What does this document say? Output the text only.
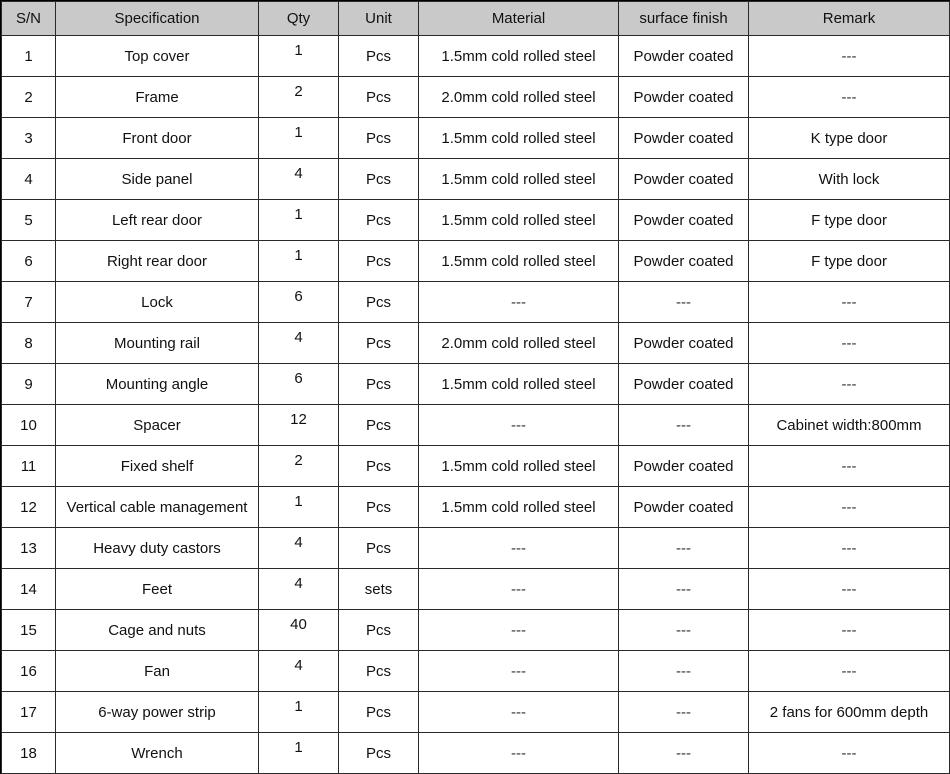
S/N	Specification	Qty	Unit	Material	surface finish	Remark
1	Top cover	1	Pcs	1.5mm cold rolled steel	Powder coated	---
2	Frame	2	Pcs	2.0mm cold rolled steel	Powder coated	---
3	Front door	1	Pcs	1.5mm cold rolled steel	Powder coated	K type door
4	Side panel	4	Pcs	1.5mm cold rolled steel	Powder coated	With lock
5	Left rear door	1	Pcs	1.5mm cold rolled steel	Powder coated	F type door
6	Right rear door	1	Pcs	1.5mm cold rolled steel	Powder coated	F type door
7	Lock	6	Pcs	---	---	---
8	Mounting rail	4	Pcs	2.0mm cold rolled steel	Powder coated	---
9	Mounting angle	6	Pcs	1.5mm cold rolled steel	Powder coated	---
10	Spacer	12	Pcs	---	---	Cabinet width:800mm
11	Fixed shelf	2	Pcs	1.5mm cold rolled steel	Powder coated	---
12	Vertical cable management	1	Pcs	1.5mm cold rolled steel	Powder coated	---
13	Heavy duty castors	4	Pcs	---	---	---
14	Feet	4	sets	---	---	---
15	Cage and nuts	40	Pcs	---	---	---
16	Fan	4	Pcs	---	---	---
17	6-way power strip	1	Pcs	---	---	2 fans for 600mm depth
18	Wrench	1	Pcs	---	---	---
